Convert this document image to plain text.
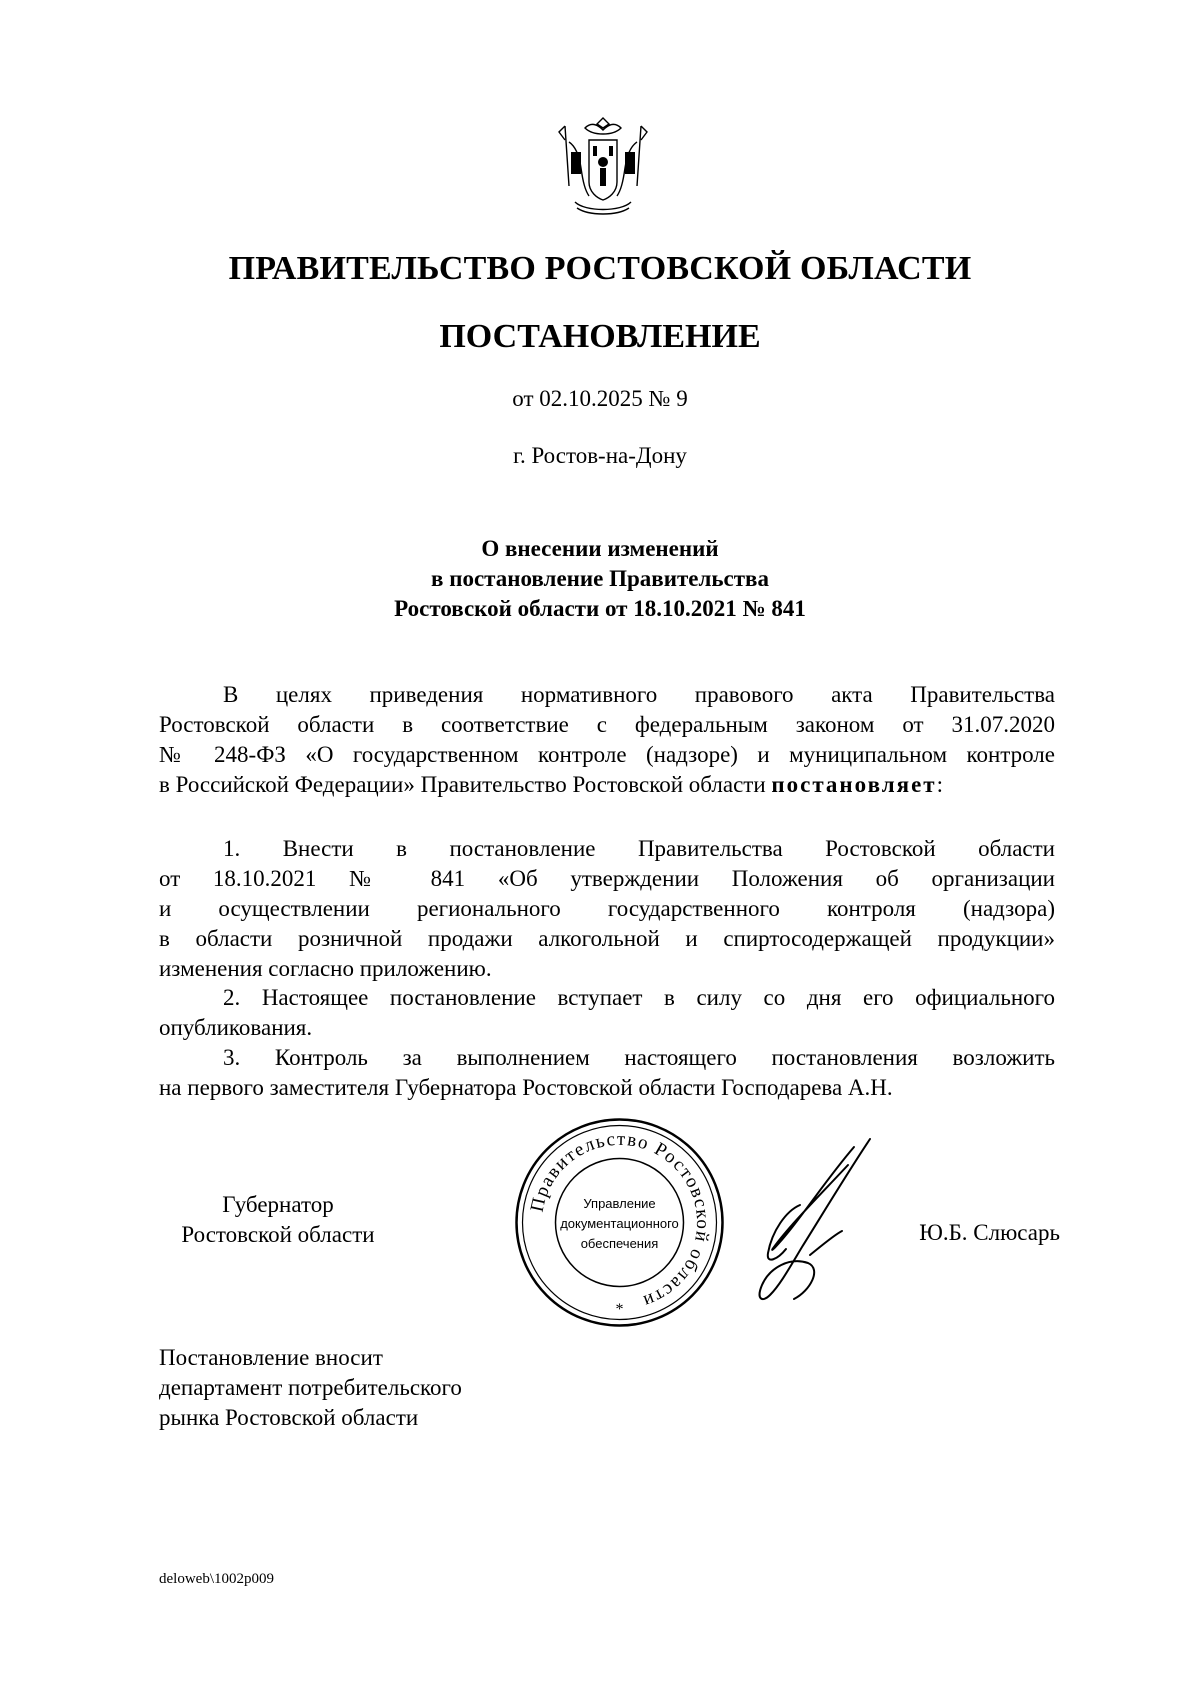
ПРАВИТЕЛЬСТВО РОСТОВСКОЙ ОБЛАСТИ
ПОСТАНОВЛЕНИЕ
от 02.10.2025 № 9
г. Ростов-на-Дону
О внесении изменений
в постановление Правительства
Ростовской области от 18.10.2021 № 841
В целях приведения нормативного правового акта Правительства
Ростовской области в соответствие с федеральным законом от 31.07.2020
№ 248-ФЗ «О государственном контроле (надзоре) и муниципальном контроле
в Российской Федерации» Правительство Ростовской области постановляет:
1. Внести в постановление Правительства Ростовской области
от 18.10.2021 № 841 «Об утверждении Положения об организации
и осуществлении регионального государственного контроля (надзора)
в области розничной продажи алкогольной и спиртосодержащей продукции»
изменения согласно приложению.
2. Настоящее постановление вступает в силу со дня его официального
опубликования.
3. Контроль за выполнением настоящего постановления возложить
на первого заместителя Губернатора Ростовской области Господарева А.Н.
Губернатор
Ростовской области
Правительство Ростовской области
Управление
документационного
обеспечения
*
Ю.Б. Слюсарь
Постановление вносит
департамент потребительского
рынка Ростовской области
deloweb\1002p009
